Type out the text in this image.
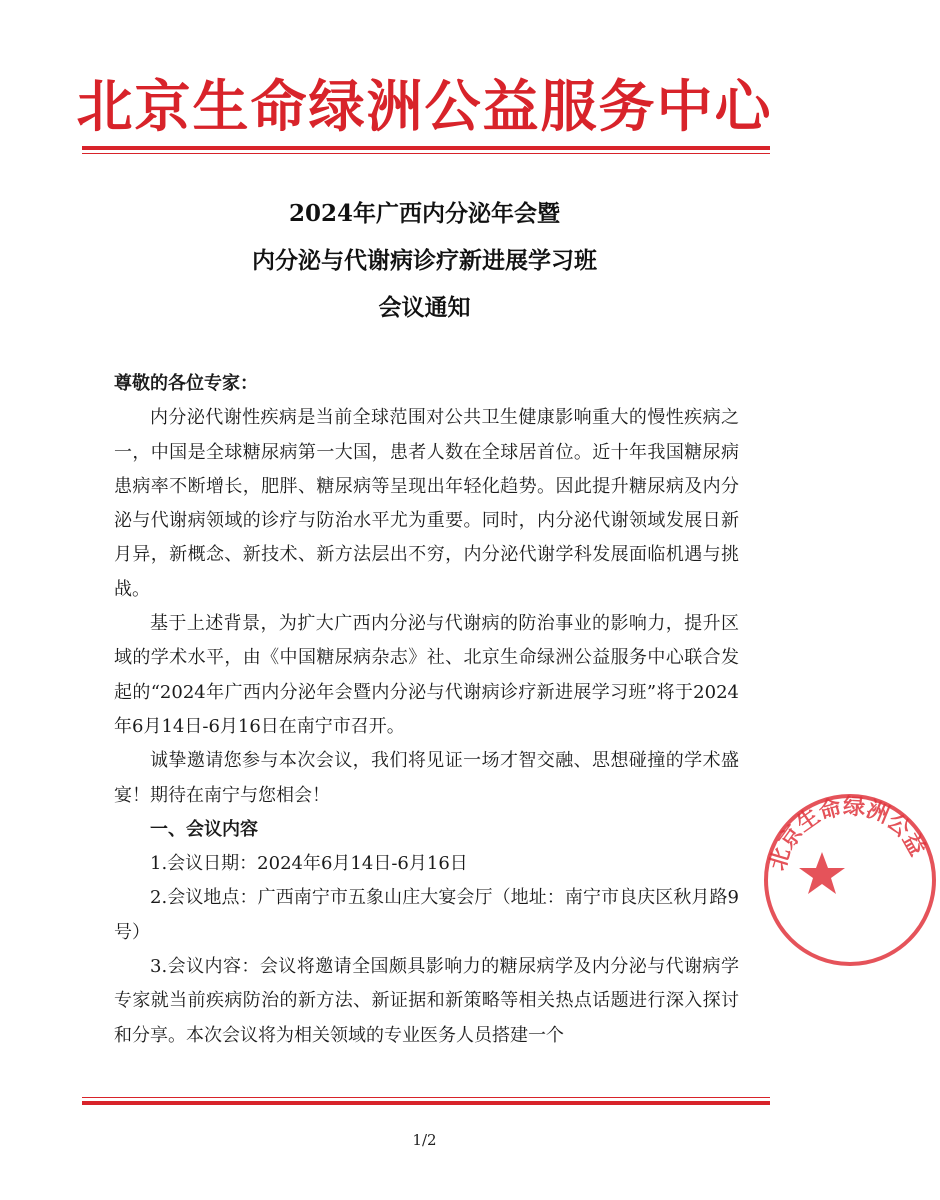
北京生命绿洲公益服务中心
2024年广西内分泌年会暨
内分泌与代谢病诊疗新进展学习班
会议通知

尊敬的各位专家：

内分泌代谢性疾病是当前全球范围对公共卫生健康影响重大的慢性疾病之一，中国是全球糖尿病第一大国，患者人数在全球居首位。近十年我国糖尿病患病率不断增长，肥胖、糖尿病等呈现出年轻化趋势。因此提升糖尿病及内分泌与代谢病领域的诊疗与防治水平尤为重要。同时，内分泌代谢领域发展日新月异，新概念、新技术、新方法层出不穷，内分泌代谢学科发展面临机遇与挑战。

基于上述背景，为扩大广西内分泌与代谢病的防治事业的影响力，提升区域的学术水平，由《中国糖尿病杂志》社、北京生命绿洲公益服务中心联合发起的“2024年广西内分泌年会暨内分泌与代谢病诊疗新进展学习班”将于2024年6月14日-6月16日在南宁市召开。

诚挚邀请您参与本次会议，我们将见证一场才智交融、思想碰撞的学术盛宴！期待在南宁与您相会！

一、会议内容

1.会议日期：2024年6月14日-6月16日

2.会议地点：广西南宁市五象山庄大宴会厅（地址：南宁市良庆区秋月路9号）

3.会议内容：会议将邀请全国颇具影响力的糖尿病学及内分泌与代谢病学专家就当前疾病防治的新方法、新证据和新策略等相关热点话题进行深入探讨和分享。本次会议将为相关领域的专业医务人员搭建一个

北京生命绿洲公益
1/2
